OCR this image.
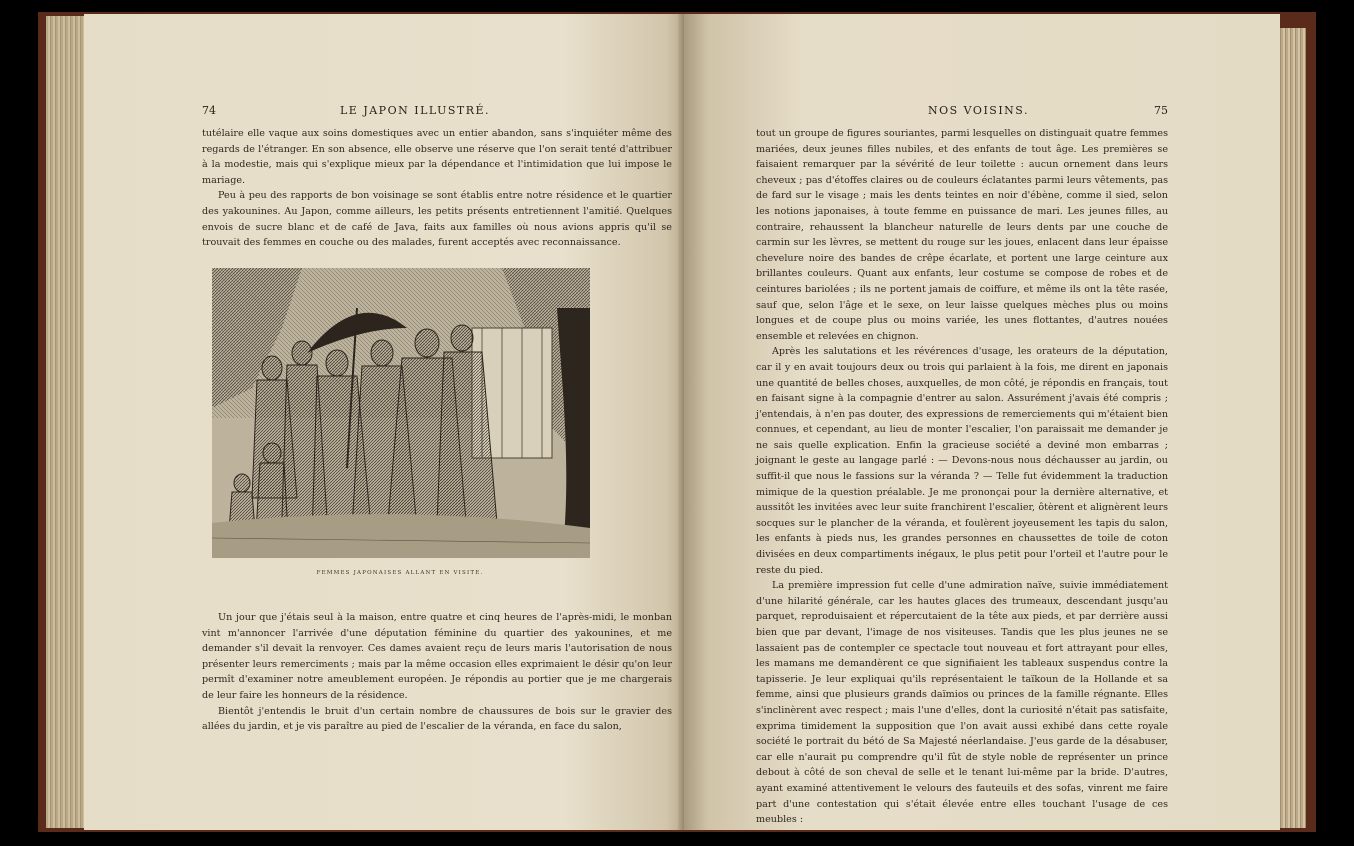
74	LE JAPON ILLUSTRÉ.

tutélaire elle vaque aux soins domestiques avec un entier abandon, sans s'inquiéter même des regards de l'étranger. En son absence, elle observe une réserve que l'on serait tenté d'attribuer à la modestie, mais qui s'explique mieux par la dépendance et l'intimidation que lui impose le mariage.

Peu à peu des rapports de bon voisinage se sont établis entre notre résidence et le quartier des yakounines. Au Japon, comme ailleurs, les petits présents entretiennent l'amitié. Quelques envois de sucre blanc et de café de Java, faits aux familles où nous avions appris qu'il se trouvait des femmes en couche ou des malades, furent acceptés avec reconnaissance.

Un jour que j'étais seul à la maison, entre quatre et cinq heures de l'après-midi, le monban vint m'annoncer l'arrivée d'une députation féminine du quartier des yakounines, et me demander s'il devait la renvoyer. Ces dames avaient reçu de leurs maris l'autorisation de nous présenter leurs remerciments ; mais par la même occasion elles exprimaient le désir qu'on leur permît d'examiner notre ameublement européen. Je répondis au portier que je me chargerais de leur faire les honneurs de la résidence.

Bientôt j'entendis le bruit d'un certain nombre de chaussures de bois sur le gravier des allées du jardin, et je vis paraître au pied de l'escalier de la véranda, en face du salon,

FEMMES JAPONAISES ALLANT EN VISITE.
NOS VOISINS.	75

tout un groupe de figures souriantes, parmi lesquelles on distinguait quatre femmes mariées, deux jeunes filles nubiles, et des enfants de tout âge. Les premières se faisaient remarquer par la sévérité de leur toilette : aucun ornement dans leurs cheveux ; pas d'étoffes claires ou de couleurs éclatantes parmi leurs vêtements, pas de fard sur le visage ; mais les dents teintes en noir d'ébène, comme il sied, selon les notions japonaises, à toute femme en puissance de mari. Les jeunes filles, au contraire, rehaussent la blancheur naturelle de leurs dents par une couche de carmin sur les lèvres, se mettent du rouge sur les joues, enlacent dans leur épaisse chevelure noire des bandes de crêpe écarlate, et portent une large ceinture aux brillantes couleurs. Quant aux enfants, leur costume se compose de robes et de ceintures bariolées ; ils ne portent jamais de coiffure, et même ils ont la tête rasée, sauf que, selon l'âge et le sexe, on leur laisse quelques mèches plus ou moins longues et de coupe plus ou moins variée, les unes flottantes, d'autres nouées ensemble et relevées en chignon.

Après les salutations et les révérences d'usage, les orateurs de la députation, car il y en avait toujours deux ou trois qui parlaient à la fois, me dirent en japonais une quantité de belles choses, auxquelles, de mon côté, je répondis en français, tout en faisant signe à la compagnie d'entrer au salon. Assurément j'avais été compris ; j'entendais, à n'en pas douter, des expressions de remerciements qui m'étaient bien connues, et cependant, au lieu de monter l'escalier, l'on paraissait me demander je ne sais quelle explication. Enfin la gracieuse société a deviné mon embarras ; joignant le geste au langage parlé : — Devons-nous nous déchausser au jardin, ou suffit-il que nous le fassions sur la véranda ? — Telle fut évidemment la traduction mimique de la question préalable. Je me prononçai pour la dernière alternative, et aussitôt les invitées avec leur suite franchirent l'escalier, ôtèrent et alignèrent leurs socques sur le plancher de la véranda, et foulèrent joyeusement les tapis du salon, les enfants à pieds nus, les grandes personnes en chaussettes de toile de coton divisées en deux compartiments inégaux, le plus petit pour l'orteil et l'autre pour le reste du pied.

La première impression fut celle d'une admiration naïve, suivie immédiatement d'une hilarité générale, car les hautes glaces des trumeaux, descendant jusqu'au parquet, reproduisaient et répercutaient de la tête aux pieds, et par derrière aussi bien que par devant, l'image de nos visiteuses. Tandis que les plus jeunes ne se lassaient pas de contempler ce spectacle tout nouveau et fort attrayant pour elles, les mamans me demandèrent ce que signifiaient les tableaux suspendus contre la tapisserie. Je leur expliquai qu'ils représentaient le taïkoun de la Hollande et sa femme, ainsi que plusieurs grands daïmios ou princes de la famille régnante. Elles s'inclinèrent avec respect ; mais l'une d'elles, dont la curiosité n'était pas satisfaite, exprima timidement la supposition que l'on avait aussi exhibé dans cette royale société le portrait du bétó de Sa Majesté néerlandaise. J'eus garde de la désabuser, car elle n'aurait pu comprendre qu'il fût de style noble de représenter un prince debout à côté de son cheval de selle et le tenant lui-même par la bride. D'autres, ayant examiné attentivement le velours des fauteuils et des sofas, vinrent me faire part d'une contestation qui s'était élevée entre elles touchant l'usage de ces meubles :
